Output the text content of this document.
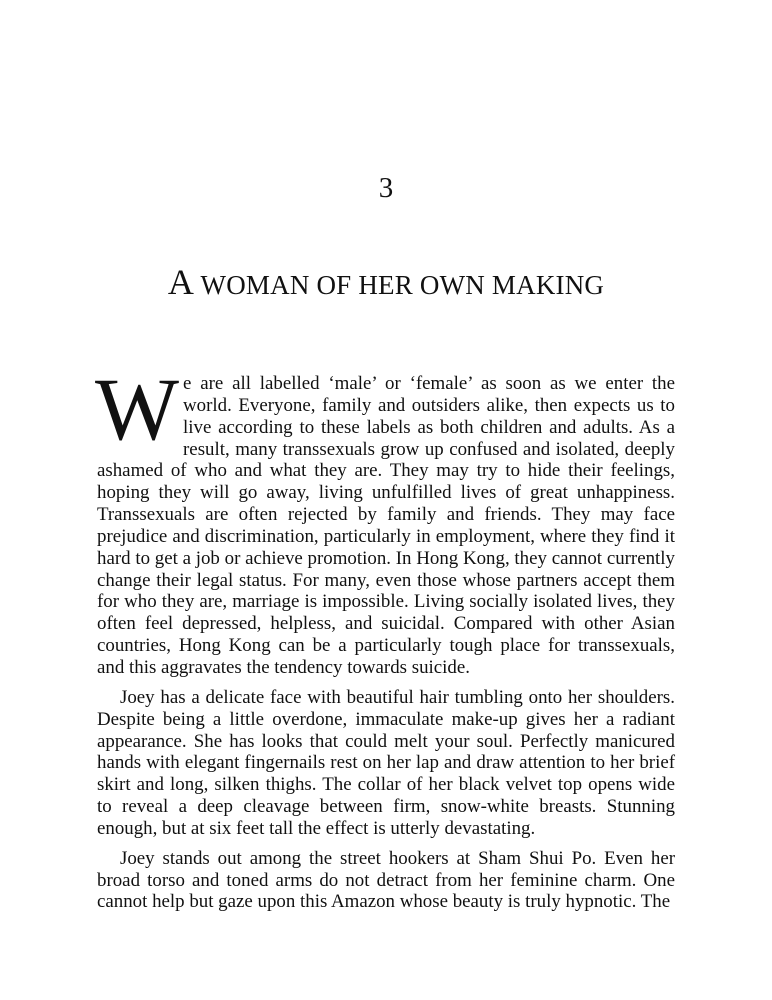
3
A WOMAN OF HER OWN MAKING

We are all labelled ‘male’ or ‘female’ as soon as we enter the world. Everyone, family and outsiders alike, then expects us to live according to these labels as both children and adults. As a result, many transsexuals grow up confused and isolated, deeply ashamed of who and what they are. They may try to hide their feelings, hoping they will go away, living unfulfilled lives of great unhappiness. Transsexuals are often rejected by family and friends. They may face prejudice and discrimination, particularly in employment, where they find it hard to get a job or achieve promotion. In Hong Kong, they cannot currently change their legal status. For many, even those whose partners accept them for who they are, marriage is impossible. Living socially isolated lives, they often feel depressed, helpless, and suicidal. Compared with other Asian countries, Hong Kong can be a particularly tough place for transsexuals, and this aggravates the tendency towards suicide.

Joey has a delicate face with beautiful hair tumbling onto her shoulders. Despite being a little overdone, immaculate make-up gives her a radiant appearance. She has looks that could melt your soul. Perfectly manicured hands with elegant fingernails rest on her lap and draw attention to her brief skirt and long, silken thighs. The collar of her black velvet top opens wide to reveal a deep cleavage between firm, snow-white breasts. Stunning enough, but at six feet tall the effect is utterly devastating.

Joey stands out among the street hookers at Sham Shui Po. Even her broad torso and toned arms do not detract from her feminine charm. One cannot help but gaze upon this Amazon whose beauty is truly hypnotic. The
